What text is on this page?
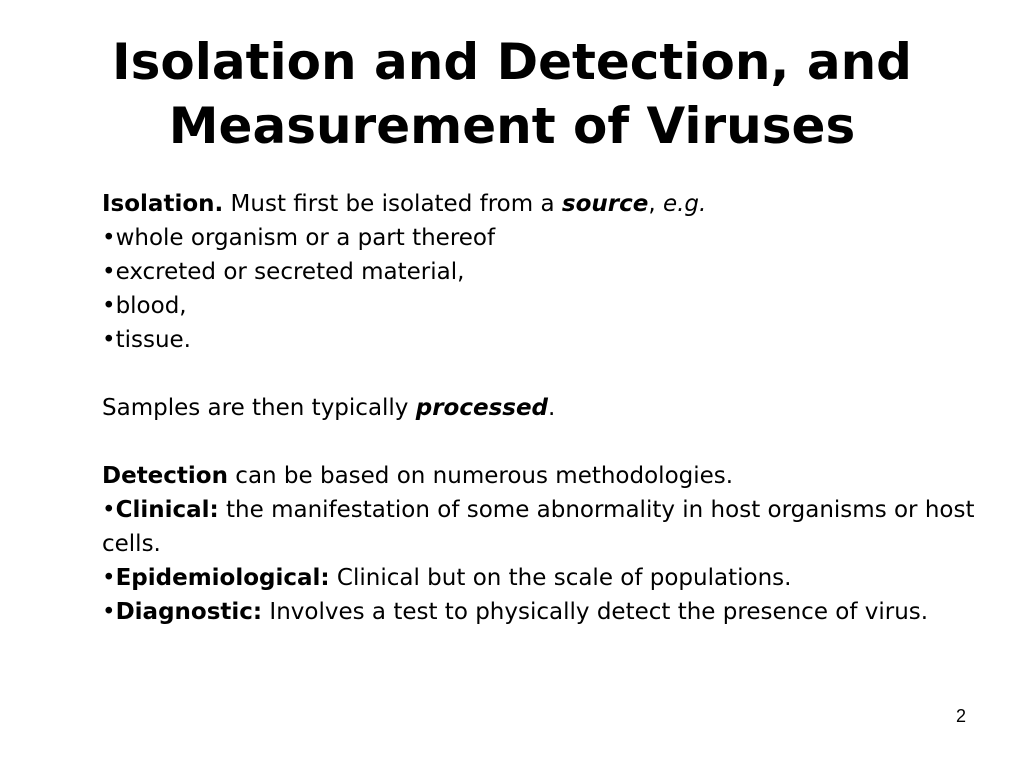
Isolation and Detection, and
Measurement of Viruses
Isolation. Must first be isolated from a source, e.g.
•whole organism or a part thereof
•excreted or secreted material,
•blood,
•tissue.
Samples are then typically processed.
Detection can be based on numerous methodologies.
•Clinical: the manifestation of some abnormality in host organisms or host cells.
•Epidemiological: Clinical but on the scale of populations.
•Diagnostic: Involves a test to physically detect the presence of virus.
2
